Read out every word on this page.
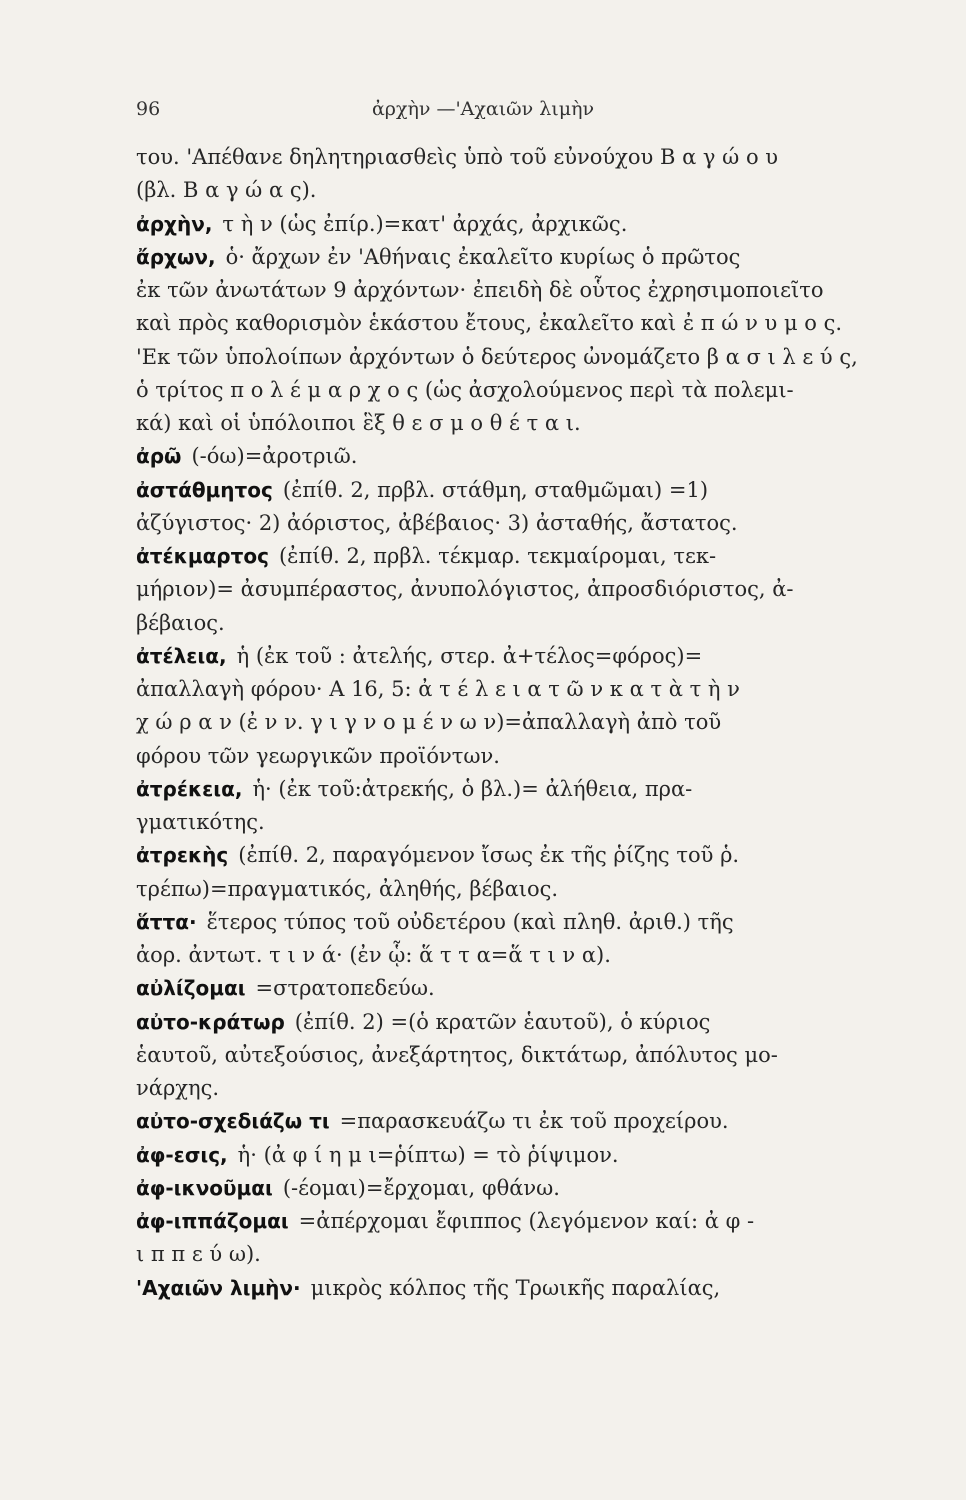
96	ἀρχὴν —'Αχαιῶν λιμὴν
του. 'Απέθανε δηλητηριασθεὶς ὑπὸ τοῦ εὐνούχου Β α γ ώ ο υ
(βλ. Β α γ ώ α ς).
ἀρχὴν, τ ὴ ν (ὡς ἐπίρ.)=κατ' ἀρχάς, ἀρχικῶς.
ἄρχων, ὁ· ἄρχων ἐν 'Αθήναις ἐκαλεῖτο κυρίως ὁ πρῶτος
ἐκ τῶν ἀνωτάτων 9 ἀρχόντων· ἐπειδὴ δὲ οὗτος ἐχρησιμοποιεῖτο
καὶ πρὸς καθορισμὸν ἑκάστου ἔτους, ἐκαλεῖτο καὶ ἐ π ώ ν υ μ ο ς.
'Εκ τῶν ὑπολοίπων ἀρχόντων ὁ δεύτερος ὠνομάζετο β α σ ι λ ε ύ ς,
ὁ τρίτος π ο λ έ μ α ρ χ ο ς (ὡς ἀσχολούμενος περὶ τὰ πολεμι-
κά) καὶ οἱ ὑπόλοιποι ἓξ θ ε σ μ ο θ έ τ α ι.
ἀρῶ (-όω)=ἀροτριῶ.
ἀστάθμητος (ἐπίθ. 2, πρβλ. στάθμη, σταθμῶμαι) =1)
ἀζύγιστος· 2) ἀόριστος, ἀβέβαιος· 3) ἀσταθής, ἄστατος.
ἀτέκμαρτος (ἐπίθ. 2, πρβλ. τέκμαρ. τεκμαίρομαι, τεκ-
μήριον)= ἀσυμπέραστος, ἀνυπολόγιστος, ἀπροσδιόριστος, ἀ-
βέβαιος.
ἀτέλεια, ἡ (ἐκ τοῦ : ἀτελής, στερ. ἀ+τέλος=φόρος)=
ἀπαλλαγὴ φόρου· Α 16, 5: ἀ τ έ λ ε ι α τ ῶ ν κ α τ ὰ τ ὴ ν
χ ώ ρ α ν (ἐ ν ν. γ ι γ ν ο μ έ ν ω ν)=ἀπαλλαγὴ ἀπὸ τοῦ
φόρου τῶν γεωργικῶν προϊόντων.
ἀτρέκεια, ἡ· (ἐκ τοῦ:ἀτρεκής, ὁ βλ.)= ἀλήθεια, πρα-
γματικότης.
ἀτρεκὴς (ἐπίθ. 2, παραγόμενον ἴσως ἐκ τῆς ῥίζης τοῦ ῥ.
τρέπω)=πραγματικός, ἀληθής, βέβαιος.
ἅττα· ἕτερος τύπος τοῦ οὐδετέρου (καὶ πληθ. ἀριθ.) τῆς
ἀορ. ἀντωτ. τ ι ν ά· (ἐν ᾧ: ἅ τ τ α=ἅ τ ι ν α).
αὐλίζομαι =στρατοπεδεύω.
αὐτο-κράτωρ (ἐπίθ. 2) =(ὁ κρατῶν ἑαυτοῦ), ὁ κύριος
ἑαυτοῦ, αὐτεξούσιος, ἀνεξάρτητος, δικτάτωρ, ἀπόλυτος μο-
νάρχης.
αὐτο-σχεδιάζω τι =παρασκευάζω τι ἐκ τοῦ προχείρου.
ἀφ-εσις, ἡ· (ἀ φ ί η μ ι=ῥίπτω) = τὸ ῥίψιμον.
ἀφ-ικνοῦμαι (-έομαι)=ἔρχομαι, φθάνω.
ἀφ-ιππάζομαι =ἀπέρχομαι ἔφιππος (λεγόμενον καί: ἀ φ -
ι π π ε ύ ω).
'Αχαιῶν λιμὴν· μικρὸς κόλπος τῆς Τρωικῆς παραλίας,
